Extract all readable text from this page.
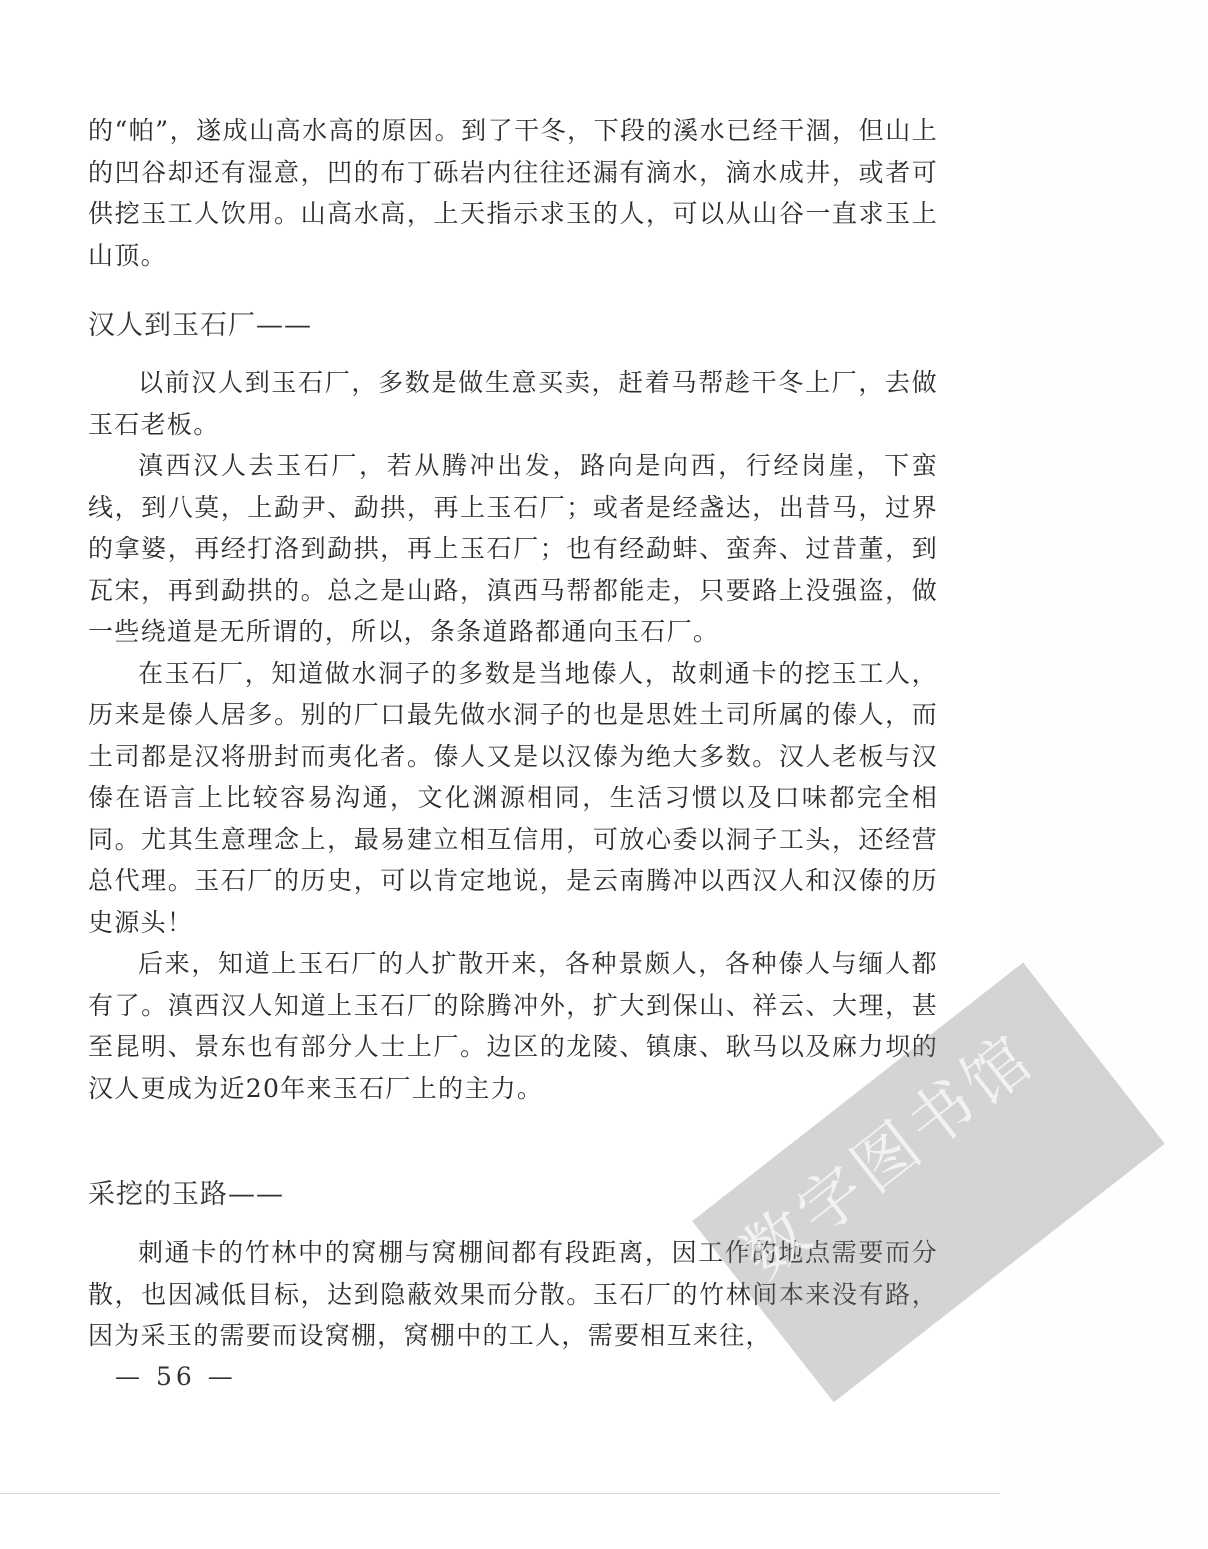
的“帕”，遂成山高水高的原因。到了干冬，下段的溪水已经干涸，但山上的凹谷却还有湿意，凹的布丁砾岩内往往还漏有滴水，滴水成井，或者可供挖玉工人饮用。山高水高，上天指示求玉的人，可以从山谷一直求玉上山顶。

汉人到玉石厂——

以前汉人到玉石厂，多数是做生意买卖，赶着马帮趁干冬上厂，去做玉石老板。

滇西汉人去玉石厂，若从腾冲出发，路向是向西，行经岗崖，下蛮线，到八莫，上勐尹、勐拱，再上玉石厂；或者是经盏达，出昔马，过界的拿婆，再经打洛到勐拱，再上玉石厂；也有经勐蚌、蛮奔、过昔董，到瓦宋，再到勐拱的。总之是山路，滇西马帮都能走，只要路上没强盗，做一些绕道是无所谓的，所以，条条道路都通向玉石厂。

在玉石厂，知道做水洞子的多数是当地傣人，故刺通卡的挖玉工人，历来是傣人居多。别的厂口最先做水洞子的也是思姓土司所属的傣人，而土司都是汉将册封而夷化者。傣人又是以汉傣为绝大多数。汉人老板与汉傣在语言上比较容易沟通，文化渊源相同，生活习惯以及口味都完全相同。尤其生意理念上，最易建立相互信用，可放心委以洞子工头，还经营总代理。玉石厂的历史，可以肯定地说，是云南腾冲以西汉人和汉傣的历史源头！

后来，知道上玉石厂的人扩散开来，各种景颇人，各种傣人与缅人都有了。滇西汉人知道上玉石厂的除腾冲外，扩大到保山、祥云、大理，甚至昆明、景东也有部分人士上厂。边区的龙陵、镇康、耿马以及麻力坝的汉人更成为近20年来玉石厂上的主力。

采挖的玉路——

刺通卡的竹林中的窝棚与窝棚间都有段距离，因工作的地点需要而分散，也因减低目标，达到隐蔽效果而分散。玉石厂的竹林间本来没有路，因为采玉的需要而设窝棚，窝棚中的工人，需要相互来往，

— 56 —
数字图书馆
